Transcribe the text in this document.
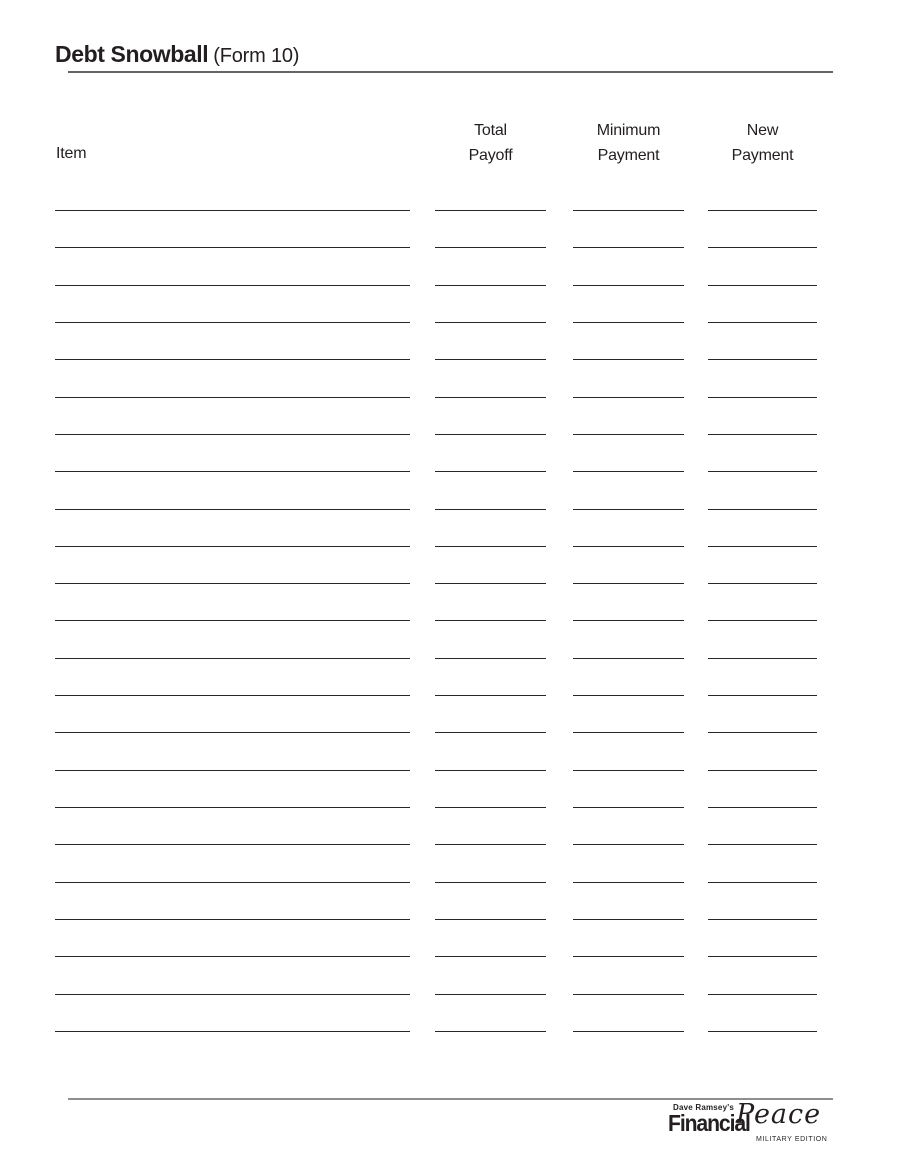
Debt Snowball (Form 10)
Item
Total
Payoff
Minimum
Payment
New
Payment
Dave Ramsey's
Financial
Peace
MILITARY EDITION
